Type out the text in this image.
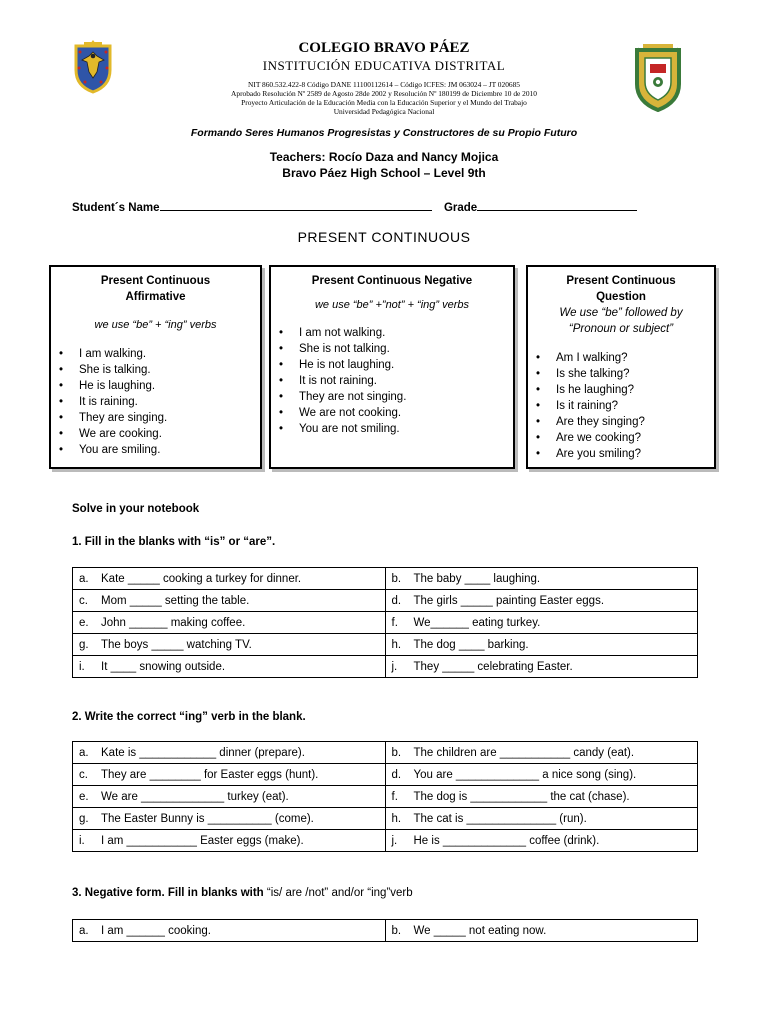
COLEGIO BRAVO PÁEZ
INSTITUCIÓN EDUCATIVA DISTRITAL
NIT 860.532.422-8 Código DANE 11100112614 – Código ICFES: JM 063024 – JT 020685
Aprobado Resolución Nº 2589 de Agosto 28de 2002 y Resolución Nº 180199 de Diciembre 10 de 2010
Proyecto Articulación de la Educación Media con la Educación Superior y el Mundo del Trabajo
Universidad Pedagógica Nacional
Formando Seres Humanos Progresistas y Constructores de su Propio Futuro
Teachers: Rocío Daza and Nancy Mojica
Bravo Páez High School – Level 9th
Student´s Name	Grade
PRESENT CONTINUOUS
Present Continuous
Affirmative
we use “be” + “ing” verbs
• I am walking.
• She is talking.
• He is laughing.
• It is raining.
• They are singing.
• We are cooking.
• You are smiling.
Present Continuous Negative
we use “be” +”not” + “ing” verbs
• I am not walking.
• She is not talking.
• He is not laughing.
• It is not raining.
• They are not singing.
• We are not cooking.
• You are not smiling.
Present Continuous
Question
We use “be” followed by
“Pronoun or subject”
• Am I walking?
• Is she talking?
• Is he laughing?
• Is it raining?
• Are they singing?
• Are we cooking?
• Are you smiling?
Solve in your notebook
1. Fill in the blanks with “is” or “are”.
a. Kate _____ cooking a turkey for dinner.	b. The baby ____ laughing.
c. Mom _____ setting the table.	d. The girls _____ painting Easter eggs.
e. John ______ making coffee.	f. We______ eating turkey.
g. The boys _____ watching TV.	h. The dog ____ barking.
i. It ____ snowing outside.	j. They _____ celebrating Easter.
2. Write the correct “ing” verb in the blank.
a. Kate is ____________ dinner (prepare).	b. The children are ___________ candy (eat).
c. They are ________ for Easter eggs (hunt).	d. You are _____________ a nice song (sing).
e. We are _____________ turkey (eat).	f. The dog is ____________ the cat (chase).
g. The Easter Bunny is __________ (come).	h. The cat is ______________ (run).
i. I am ___________ Easter eggs (make).	j. He is _____________ coffee (drink).
3. Negative form. Fill in blanks with “is/ are /not” and/or “ing”verb
a. I am ______ cooking.	b. We _____ not eating now.
